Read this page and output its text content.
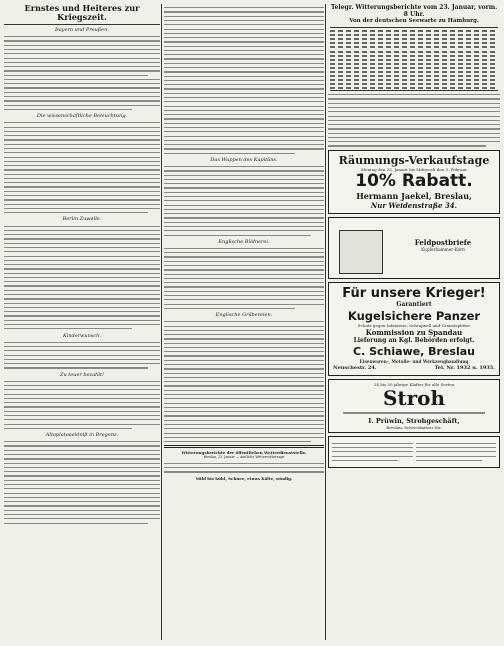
Ernstes und Heiteres zur Kriegszeit.
Bayern und Preußen.
Die wissenschaftliche Beleuchtung.
Berlin Zuwelle.
Kinderwunsch.
Zu teuer bezahlt!
Altaplatoaeldniß in Bregenz.
Das Wappen des Kapitäns.
Englische Bildnerei.
Englische Gräbereien.
Witterungsberichte der öffentlichen Wetterdienststelle.
Breslau, 23. Januar — Amtliche Wettervorhersage
Mild bis kühl, Schnee, etwas Kälte, windig.
Telegr. Witterungsberichte vom 23. Januar, vorm. 8 Uhr.
Von der deutschen Seewarte zu Hamburg.
Räumungs-Verkaufstage
Montag den 25. Januar bis Mittwoch den 3. Februar
10% Rabatt.
Hermann Jaekel, Breslau,
Nur Weidenstraße 34.
Feldpostbriefe
Kupferhammer-Korn
Für unsere Krieger!
Garantiert
Kugelsichere Panzer
Schutz gegen Infanterie, Schrapnell und Granatsplitter
Kommission zu Spandau
Lieferung an Kgl. Behörden erfolgt.
C. Schiawe, Breslau
Eisenwaren-, Metalle- und Werkzeughandlung
Neuschestr. 24.	Tel. Nr. 1932 u. 1935.
24 bis 30 jährige Klafter für alle Sorten
Stroh
I. Prüwin, Strohgeschäft,
Breslau, Schweidnitzer Str.
